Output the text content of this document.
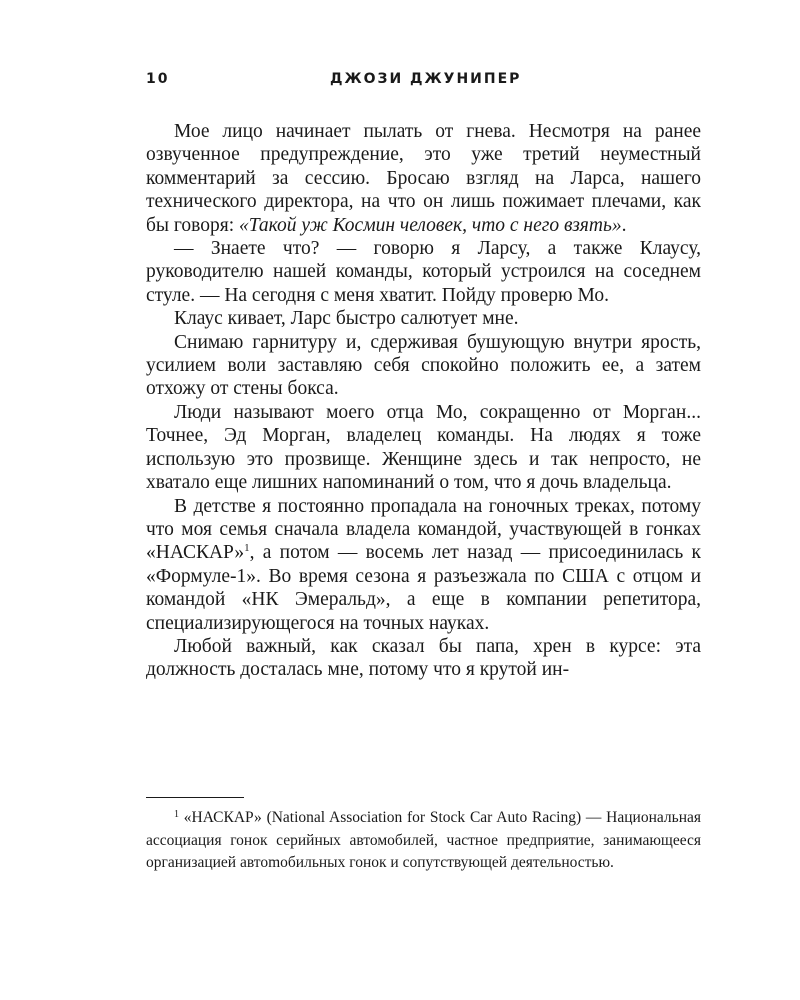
10	ДЖОЗИ ДЖУНИПЕР

Мое лицо начинает пылать от гнева. Несмотря на ранее озвученное предупреждение, это уже третий неуместный комментарий за сессию. Бросаю взгляд на Ларса, нашего технического директора, на что он лишь пожимает плечами, как бы говоря: «Такой уж Космин человек, что с него взять».

— Знаете что? — говорю я Ларсу, а также Клаусу, руководителю нашей команды, который устроился на соседнем стуле. — На сегодня с меня хватит. Пойду проверю Мо.

Клаус кивает, Ларс быстро салютует мне.

Снимаю гарнитуру и, сдерживая бушующую внутри ярость, усилием воли заставляю себя спокойно положить ее, а затем отхожу от стены бокса.

Люди называют моего отца Мо, сокращенно от Морган... Точнее, Эд Морган, владелец команды. На людях я тоже использую это прозвище. Женщине здесь и так непросто, не хватало еще лишних напоминаний о том, что я дочь владельца.

В детстве я постоянно пропадала на гоночных треках, потому что моя семья сначала владела командой, участвующей в гонках «НАСКАР»$^1$, а потом — восемь лет назад — присоединилась к «Формуле-1». Во время сезона я разъезжала по США с отцом и командой «НК Эмеральд», а еще в компании репетитора, специализирующегося на точных науках.

Любой важный, как сказал бы папа, хрен в курсе: эта должность досталась мне, потому что я крутой ин-

$^1$ «НАСКАР» (National Association for Stock Car Auto Racing) — Национальная ассоциация гонок серийных автомобилей, частное предприятие, занимающееся организацией автоmобильных гонок и сопутствующей деятельностью.
